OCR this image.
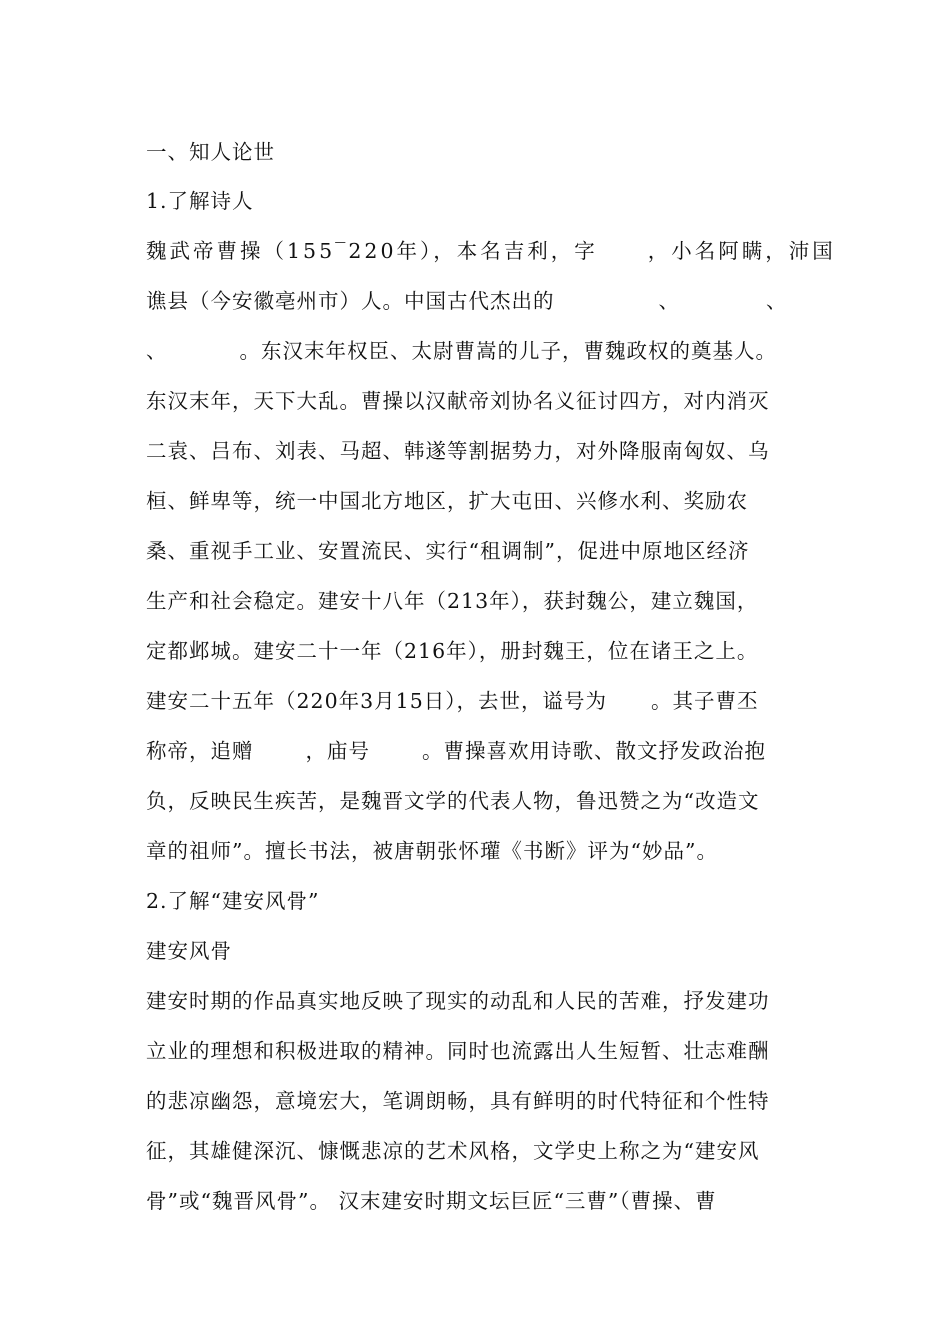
一、知人论世
1.了解诗人
魏武帝曹操（155‾220年），本名吉利，字 ，小名阿瞒，沛国
谯县（今安徽亳州市）人。中国古代杰出的	、	、
、	。东汉末年权臣、太尉曹嵩的儿子，曹魏政权的奠基人。
东汉末年，天下大乱。曹操以汉献帝刘协名义征讨四方，对内消灭
二袁、吕布、刘表、马超、韩遂等割据势力，对外降服南匈奴、乌
桓、鲜卑等，统一中国北方地区，扩大屯田、兴修水利、奖励农
桑、重视手工业、安置流民、实行“租调制”，促进中原地区经济
生产和社会稳定。建安十八年（213年），获封魏公，建立魏国，
定都邺城。建安二十一年（216年），册封魏王，位在诸王之上。
建安二十五年（220年3月15日），去世，谥号为 。其子曹丕
称帝，追赠	，庙号	。曹操喜欢用诗歌、散文抒发政治抱
负，反映民生疾苦，是魏晋文学的代表人物，鲁迅赞之为“改造文
章的祖师”。擅长书法，被唐朝张怀瓘《书断》评为“妙品”。
2.了解“建安风骨”
建安风骨
建安时期的作品真实地反映了现实的动乱和人民的苦难，抒发建功
立业的理想和积极进取的精神。同时也流露出人生短暂、壮志难酬
的悲凉幽怨，意境宏大，笔调朗畅，具有鲜明的时代特征和个性特
征，其雄健深沉、慷慨悲凉的艺术风格，文学史上称之为“建安风
骨”或“魏晋风骨”。 汉末建安时期文坛巨匠“三曹”（曹操、曹
